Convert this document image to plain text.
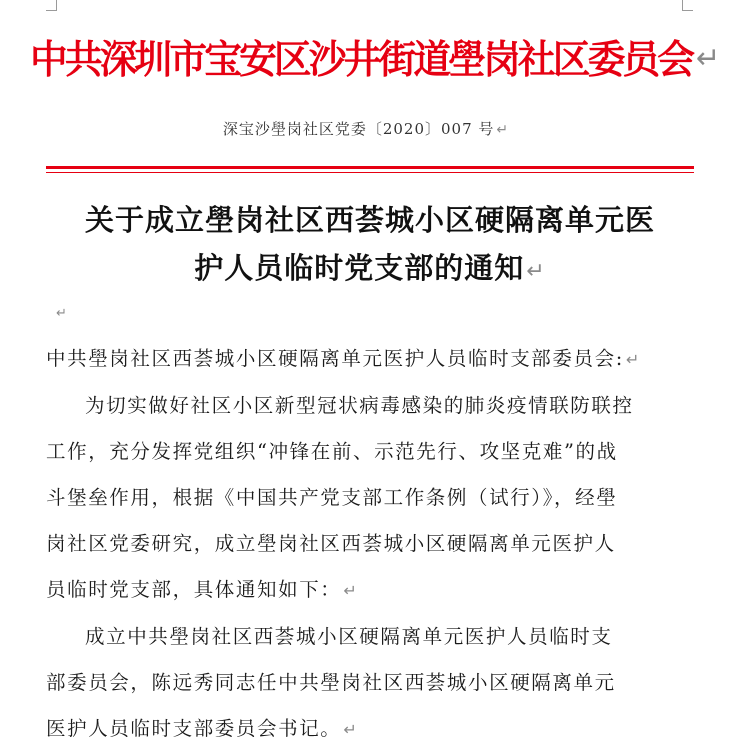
中共深圳市宝安区沙井街道壆岗社区委员会 ↵
深宝沙壆岗社区党委〔2020〕007 号 ↵
关于成立壆岗社区西荟城小区硬隔离单元医
护人员临时党支部的通知↵
↵

中共壆岗社区西荟城小区硬隔离单元医护人员临时支部委员会: ↵

为切实做好社区小区新型冠状病毒感染的肺炎疫情联防联控

工作，充分发挥党组织“冲锋在前、示范先行、攻坚克难”的战

斗堡垒作用，根据《中国共产党支部工作条例（试行）》，经壆

岗社区党委研究，成立壆岗社区西荟城小区硬隔离单元医护人

员临时党支部，具体通知如下： ↵

成立中共壆岗社区西荟城小区硬隔离单元医护人员临时支

部委员会，陈远秀同志任中共壆岗社区西荟城小区硬隔离单元

医护人员临时支部委员会书记。 ↵
